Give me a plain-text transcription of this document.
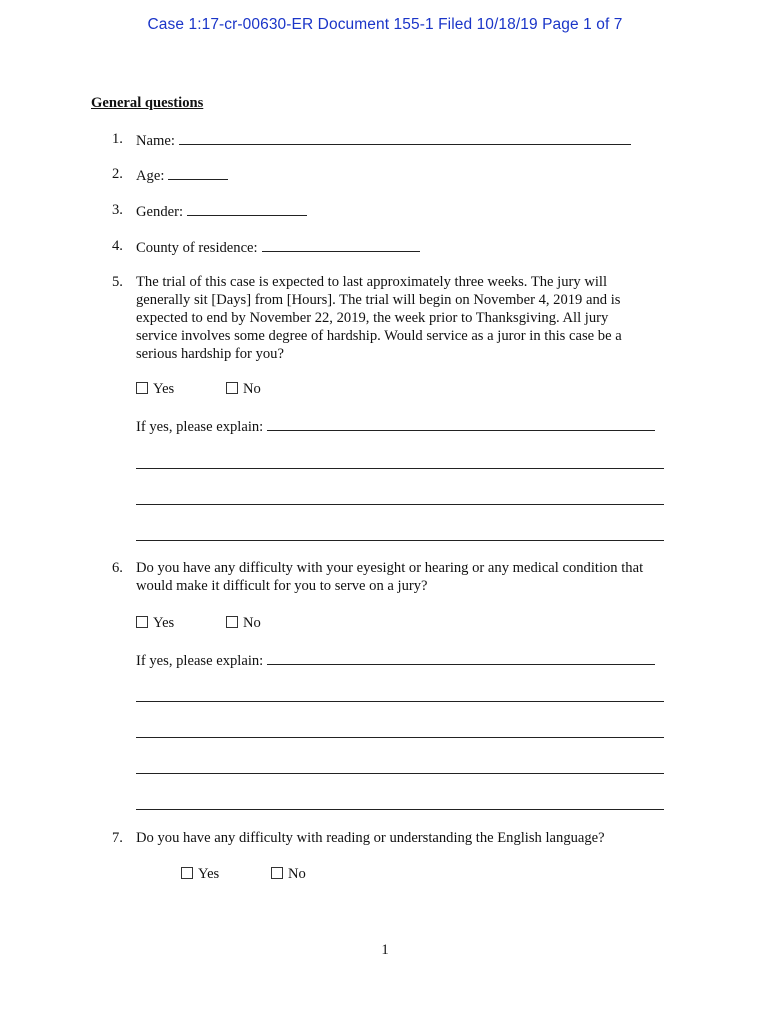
Case 1:17-cr-00630-ER Document 155-1 Filed 10/18/19 Page 1 of 7
General questions
1. Name:
2. Age:
3. Gender:
4. County of residence:
5. The trial of this case is expected to last approximately three weeks. The jury will
generally sit [Days] from [Hours]. The trial will begin on November 4, 2019 and is
expected to end by November 22, 2019, the week prior to Thanksgiving. All jury
service involves some degree of hardship. Would service as a juror in this case be a
serious hardship for you?
Yes	No
If yes, please explain:
6. Do you have any difficulty with your eyesight or hearing or any medical condition that
would make it difficult for you to serve on a jury?
Yes	No
If yes, please explain:
7. Do you have any difficulty with reading or understanding the English language?
Yes	No
1
